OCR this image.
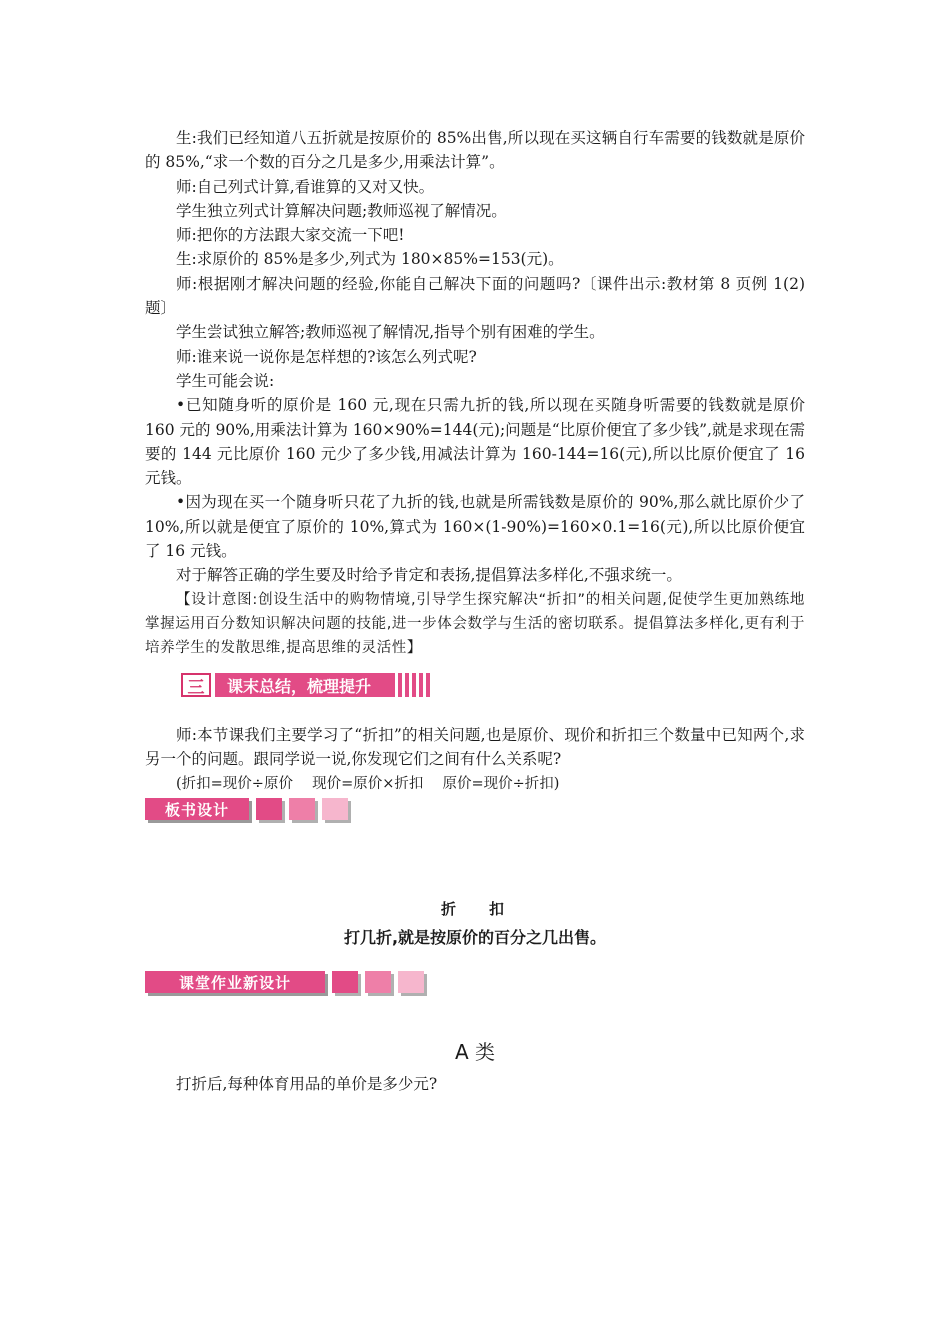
生:我们已经知道八五折就是按原价的 85%出售,所以现在买这辆自行车需要的钱数就是原价的 85%,“求一个数的百分之几是多少,用乘法计算”。

师:自己列式计算,看谁算的又对又快。

学生独立列式计算解决问题;教师巡视了解情况。

师:把你的方法跟大家交流一下吧!

生:求原价的 85%是多少,列式为 180×85%=153(元)。

师:根据刚才解决问题的经验,你能自己解决下面的问题吗?〔课件出示:教材第 8 页例 1(2)题〕

学生尝试独立解答;教师巡视了解情况,指导个别有困难的学生。

师:谁来说一说你是怎样想的?该怎么列式呢?

学生可能会说:

•已知随身听的原价是 160 元,现在只需九折的钱,所以现在买随身听需要的钱数就是原价 160 元的 90%,用乘法计算为 160×90%=144(元);问题是“比原价便宜了多少钱”,就是求现在需要的 144 元比原价 160 元少了多少钱,用减法计算为 160-144=16(元),所以比原价便宜了 16 元钱。

•因为现在买一个随身听只花了九折的钱,也就是所需钱数是原价的 90%,那么就比原价少了 10%,所以就是便宜了原价的 10%,算式为 160×(1-90%)=160×0.1=16(元),所以比原价便宜了 16 元钱。

对于解答正确的学生要及时给予肯定和表扬,提倡算法多样化,不强求统一。

【设计意图:创设生活中的购物情境,引导学生探究解决“折扣”的相关问题,促使学生更加熟练地掌握运用百分数知识解决问题的技能,进一步体会数学与生活的密切联系。提倡算法多样化,更有利于培养学生的发散思维,提高思维的灵活性】

三	课末总结，梳理提升

师:本节课我们主要学习了“折扣”的相关问题,也是原价、现价和折扣三个数量中已知两个,求另一个的问题。跟同学说一说,你发现它们之间有什么关系呢?

(折扣=现价÷原价　 现价=原价×折扣　 原价=现价÷折扣)

板书设计
折扣
打几折,就是按原价的百分之几出售。
课堂作业新设计
A 类
打折后,每种体育用品的单价是多少元?
